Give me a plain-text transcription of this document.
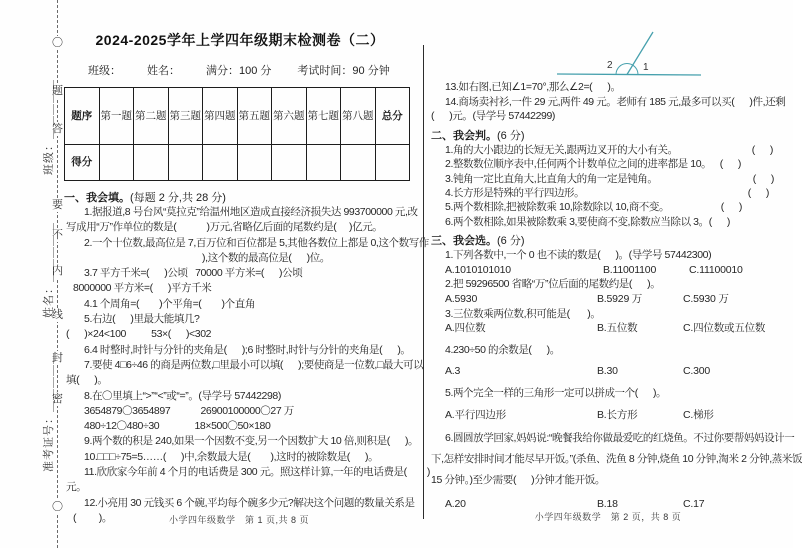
〇
题
答
要
不
内
线
封
密
〇
班级：＿＿＿＿＿
姓名：＿＿＿＿＿
准考证号：＿＿＿＿＿
2024-2025学年上学四年级期末检测卷（二）
班级： 姓名： 满分：100 分 考试时间：90 分钟
题序	第一题	第二题	第三题	第四题	第五题	第六题	第七题	第八题	总分
得分									
一、我会填。(每题 2 分,共 28 分)
1.据报道,8 号台风“莫拉克”给温州地区造成直接经济损失达 993700000 元,改
写成用“万”作单位的数是(            )万元,省略亿后面的尾数约是(     )亿元。
2.一个十位数,最高位是 7,百万位和百位都是 5,其他各数位上都是 0,这个数写作
),这个数的最高位是(      )位。
3.7 平方千米=(      )公顷   70000 平方米=(      )公顷
8000000 平方米=(      )平方千米
4.1 个周角=(        )个平角=(        )个直角
5.右边(      )里最大能填几?
(      )×24<100          53×(      )<302
6.4 时整时,时针与分针的夹角是(      );6 时整时,时针与分针的夹角是(      )。
7.要使 4□6÷46 的商是两位数,□里最小可以填(      );要使商是一位数,□最大可以
填(      )。
8.在〇里填上“>”“<”或“=”。(导学号 57442298)
3654879〇3654897            26900100000〇27 万
480÷12〇480÷30              18×500〇50×180
9.两个数的积是 240,如果一个因数不变,另一个因数扩大 10 倍,则积是(      )。
10.□□□÷75=5……(      )中,余数最大是(        ),这时的被除数是(      )。
11.欣欣家今年前 4 个月的电话费是 300 元。照这样计算,一年的电话费是(        )
元。
12.小亮用 30 元钱买 6 个碗,平均每个碗多少元?解决这个问题的数量关系是
(         )。
2	1
13.如右图,已知∠1=70°,那么∠2=(      )。
14.商场卖衬衫,一件 29 元,两件 49 元。老师有 185 元,最多可以买(      )件,还剩
(      )元。(导学号 57442299)
二、我会判。(6 分)
1.角的大小跟边的长短无关,跟两边叉开的大小有关。	(      )
2.整数数位顺序表中,任何两个计数单位之间的进率都是 10。 (      )
3.钝角一定比直角大,比直角大的角一定是钝角。	(      )
4.长方形是特殊的平行四边形。	(      )
5.两个数相除,把被除数乘 10,除数除以 10,商不变。	(      )
6.两个数相除,如果被除数乘 3,要使商不变,除数应当除以 3。 (      )
三、我会选。(6 分)
1.下列各数中,一个 0 也不读的数是(      )。(导学号 57442300)
A.1010101010	B.11001100	C.11100010
2.把 59296500 省略“万”位后面的尾数约是(      )。
A.5930	B.5929 万	C.5930 万
3.三位数乘两位数,积可能是(       )。
A.四位数	B.五位数	C.四位数或五位数
4.230÷50 的余数是(      )。
A.3	B.30	C.300
5.两个完全一样的三角形一定可以拼成一个(      )。
A.平行四边形	B.长方形	C.梯形
6.圆圆放学回家,妈妈说:“晚餐我给你做最爱吃的红烧鱼。不过你要帮妈妈设计一
下,怎样安排时间才能尽早开饭。”(杀鱼、洗鱼 8 分钟,烧鱼 10 分钟,淘米 2 分钟,蒸米饭
15 分钟。)至少需要(      )分钟才能开饭。
A.20	B.18	C.17
小学四年级数学　第 1 页,共 8 页	小学四年级数学　第 2 页，共 8 页
